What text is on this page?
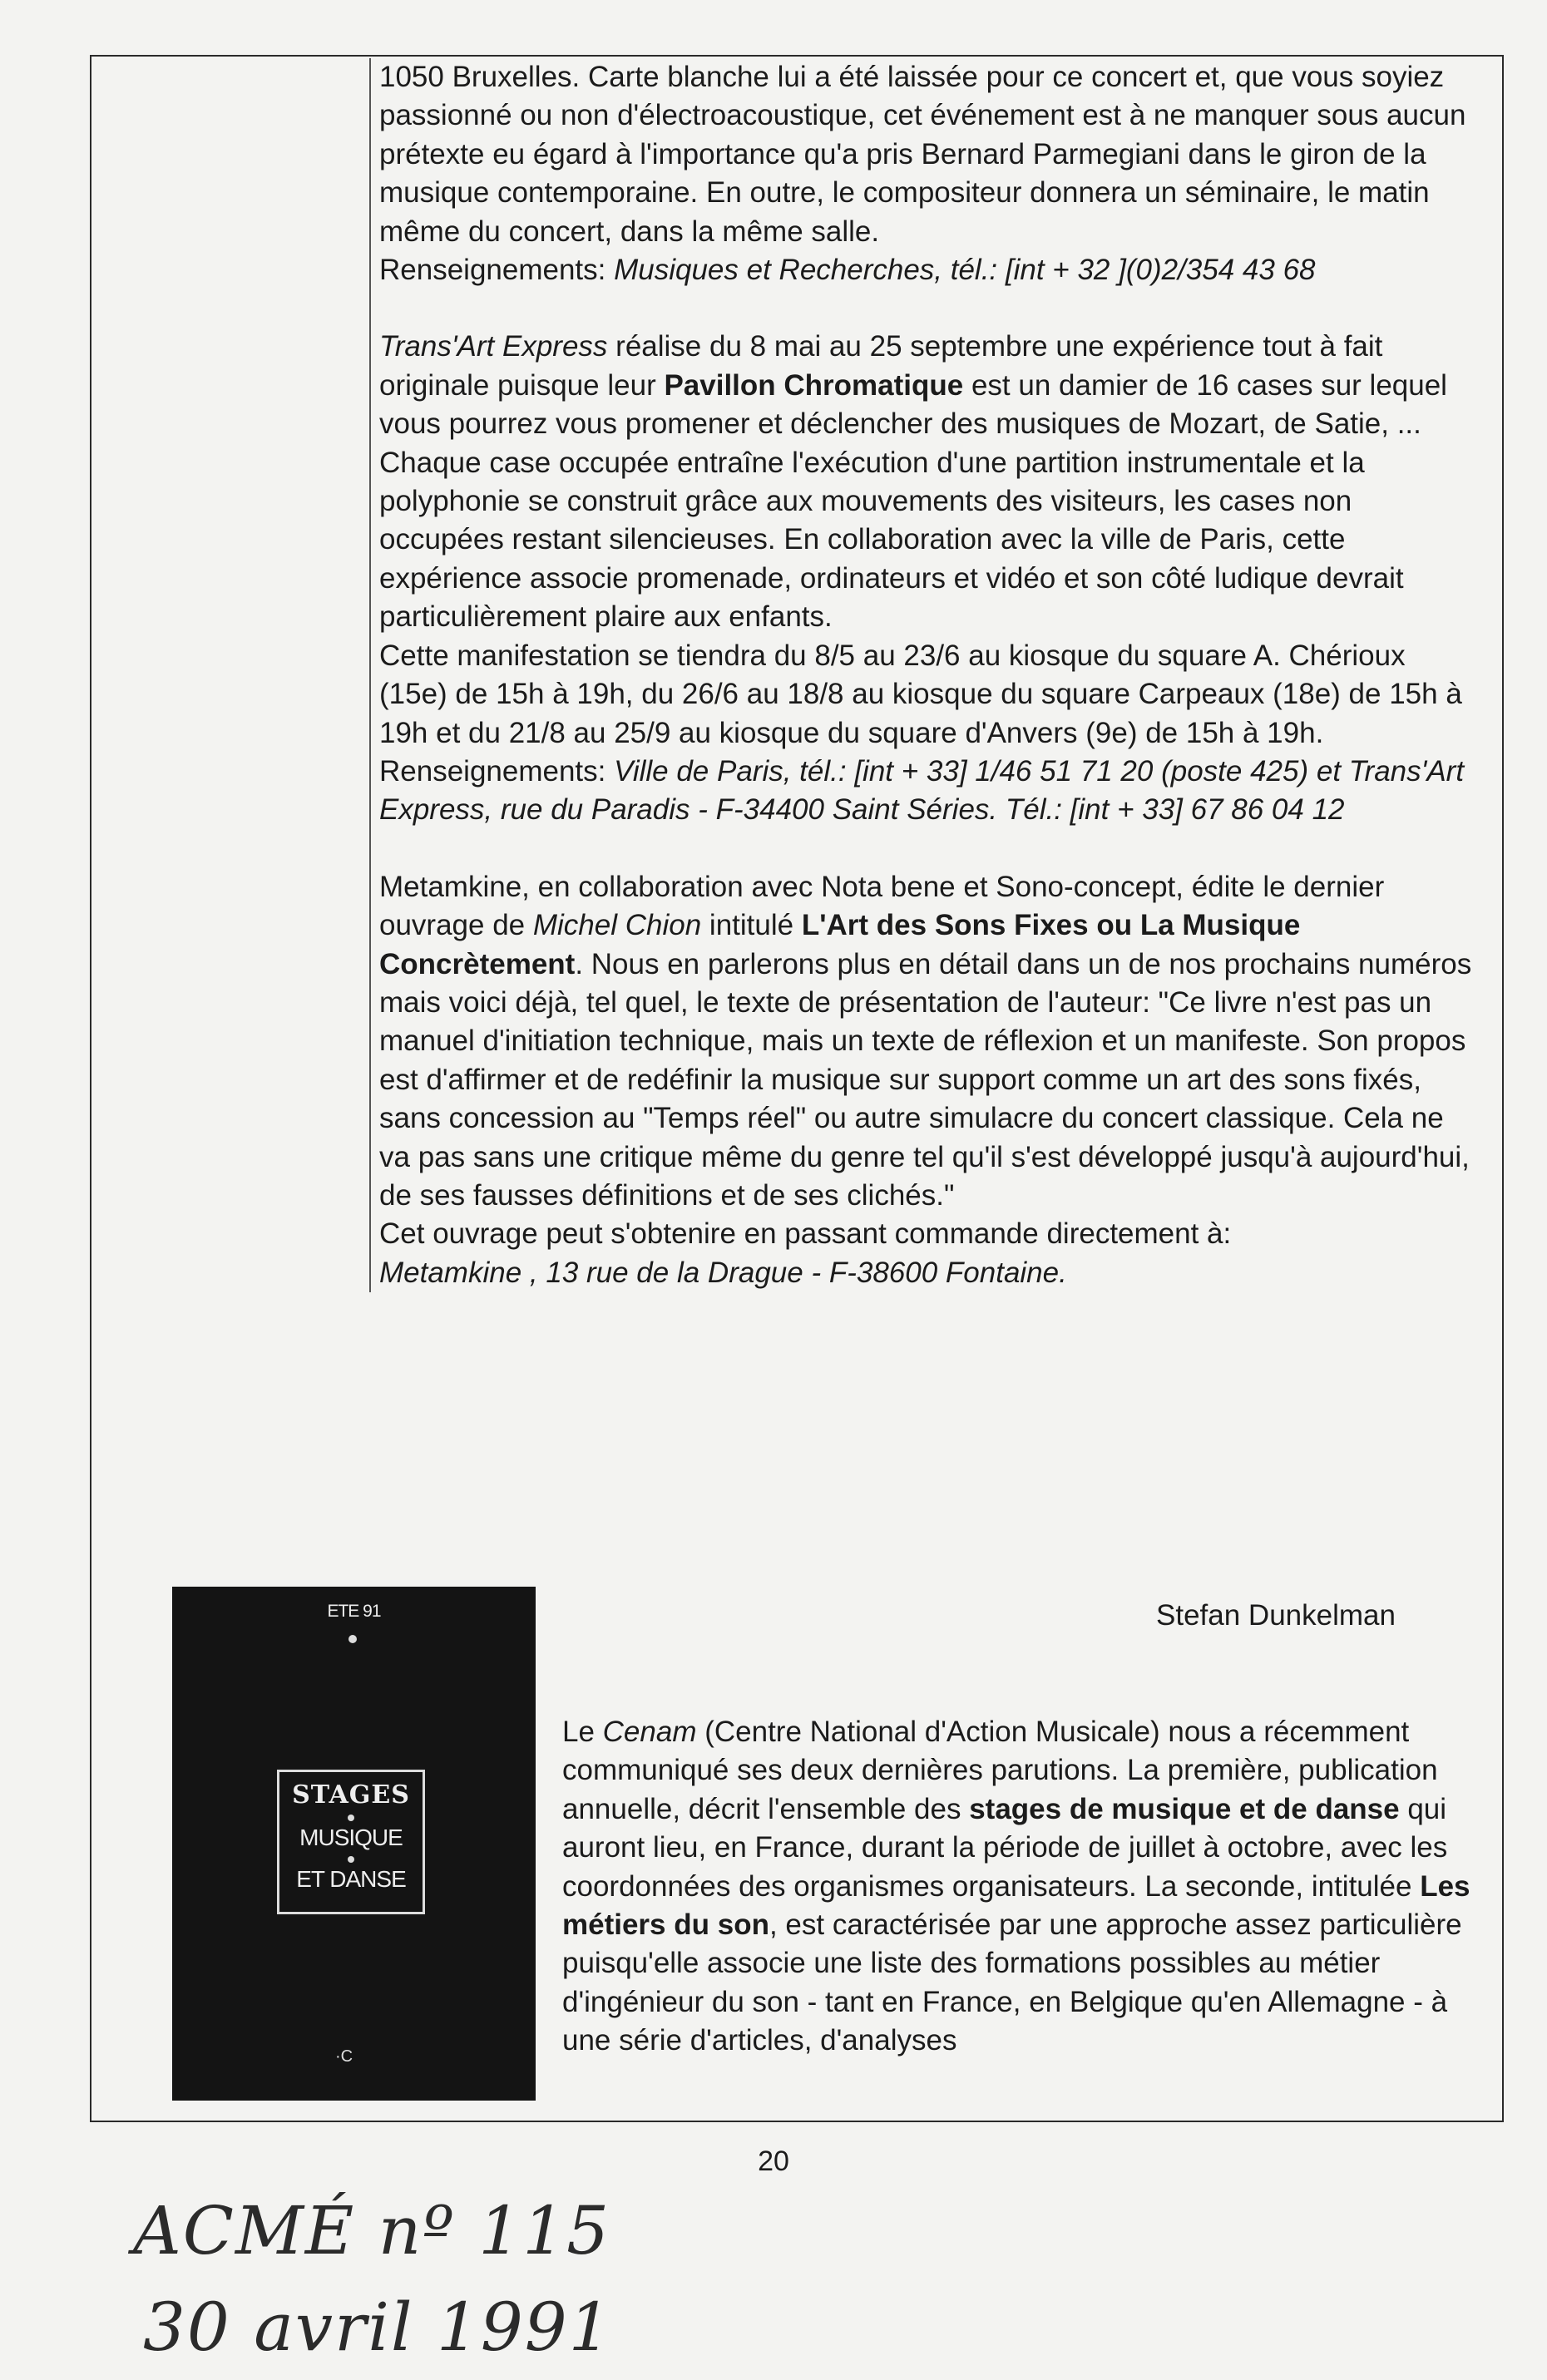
1050 Bruxelles. Carte blanche lui a été laissée pour ce concert et, que vous soyiez passionné ou non d'électroacoustique, cet événement est à ne manquer sous aucun prétexte eu égard à l'importance qu'a pris Bernard Parmegiani dans le giron de la musique contemporaine. En outre, le compositeur donnera un séminaire, le matin même du concert, dans la même salle.

Renseignements: Musiques et Recherches, tél.: [int + 32 ](0)2/354 43 68

Trans'Art Express réalise du 8 mai au 25 septembre une expérience tout à fait originale puisque leur Pavillon Chromatique est un damier de 16 cases sur lequel vous pourrez vous promener et déclencher des musiques de Mozart, de Satie, ... Chaque case occupée entraîne l'exécution d'une partition instrumentale et la polyphonie se construit grâce aux mouvements des visiteurs, les cases non occupées restant silencieuses. En collaboration avec la ville de Paris, cette expérience associe promenade, ordinateurs et vidéo et son côté ludique devrait particulièrement plaire aux enfants.

Cette manifestation se tiendra du 8/5 au 23/6 au kiosque du square A. Chérioux (15e) de 15h à 19h, du 26/6 au 18/8 au kiosque du square Carpeaux (18e) de 15h à 19h et du 21/8 au 25/9 au kiosque du square d'Anvers (9e) de 15h à 19h.

Renseignements: Ville de Paris, tél.: [int + 33] 1/46 51 71 20 (poste 425) et Trans'Art Express, rue du Paradis - F-34400 Saint Séries. Tél.: [int + 33] 67 86 04 12

Metamkine, en collaboration avec Nota bene et Sono-concept, édite le dernier ouvrage de Michel Chion intitulé L'Art des Sons Fixes ou La Musique Concrètement. Nous en parlerons plus en détail dans un de nos prochains numéros mais voici déjà, tel quel, le texte de présentation de l'auteur: "Ce livre n'est pas un manuel d'initiation technique, mais un texte de réflexion et un manifeste. Son propos est d'affirmer et de redéfinir la musique sur support comme un art des sons fixés, sans concession au "Temps réel" ou autre simulacre du concert classique. Cela ne va pas sans une critique même du genre tel qu'il s'est développé jusqu'à aujourd'hui, de ses fausses définitions et de ses clichés."

Cet ouvrage peut s'obtenire en passant commande directement à:

Metamkine , 13 rue de la Drague - F-38600 Fontaine.

Stefan Dunkelman
ETE 91
STAGES
MUSIQUE
ET DANSE
·C

Le Cenam (Centre National d'Action Musicale) nous a récemment communiqué ses deux dernières parutions. La première, publication annuelle, décrit l'ensemble des stages de musique et de danse qui auront lieu, en France, durant la période de juillet à octobre, avec les coordonnées des organismes organisateurs. La seconde, intitulée Les métiers du son, est caractérisée par une approche assez particulière puisqu'elle associe une liste des formations possibles au métier d'ingénieur du son - tant en France, en Belgique qu'en Allemagne - à une série d'articles, d'analyses

20
ACMÉ nº 115
30 avril 1991
